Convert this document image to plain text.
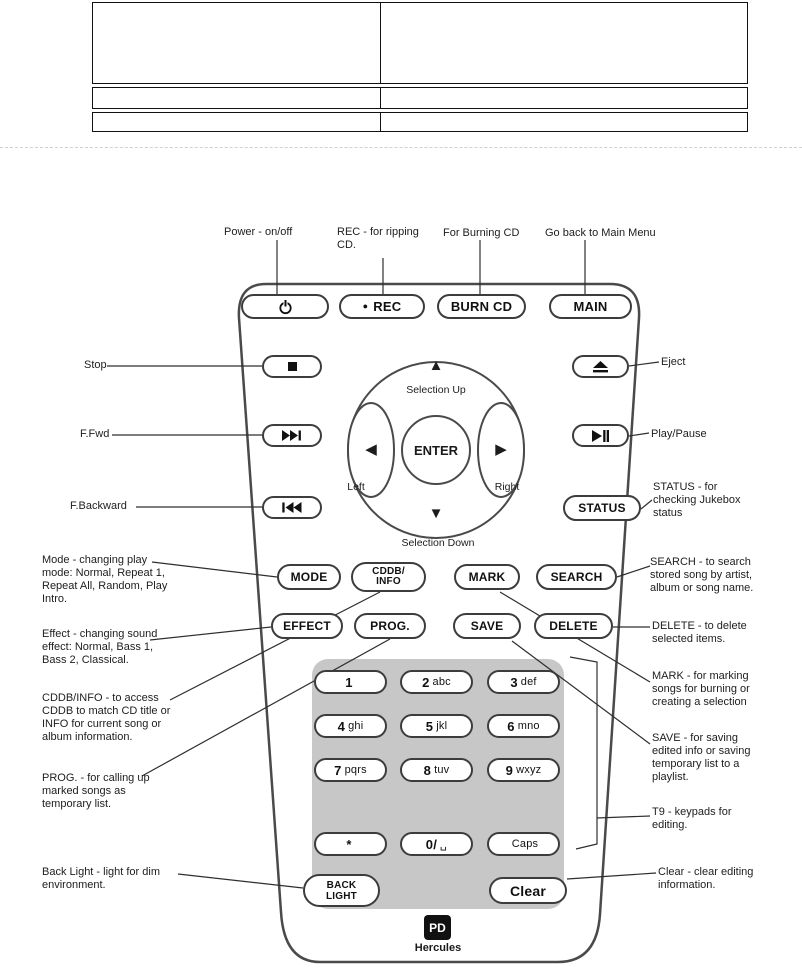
Power - on/off	REC - for ripping CD.
For Burning CD Go back to Main Menu
● REC	BURN CD	MAIN
Stop
F.Fwd
F.Backward
Eject
Play/Pause
STATUS - for checking Jukebox status
STATUS
▲
Selection Up
◀	▶
ENTER
Left	Right
▼
Selection Down
MODE	CDDB/
INFO	MARK	SEARCH
EFFECT	PROG.	SAVE	DELETE
1	2 abc	3 def
4 ghi	5 jkl	6 mno
7 pqrs	8 tuv	9 wxyz
*	0/ ␣	Caps
BACK
LIGHT	Clear
PD
Hercules
Mode - changing play mode: Normal, Repeat 1, Repeat All, Random, Play Intro.
Effect - changing sound effect: Normal, Bass 1, Bass 2, Classical.
CDDB/INFO - to access CDDB to match CD title or INFO for current song or album information.
PROG. - for calling up marked songs as temporary list.
Back Light - light for dim environment.
SEARCH - to search stored song by artist, album or song name.
DELETE - to delete selected items.
MARK - for marking songs for burning or creating a selection
SAVE - for saving edited info or saving temporary list to a playlist.
T9 - keypads for editing.
Clear - clear editing information.
